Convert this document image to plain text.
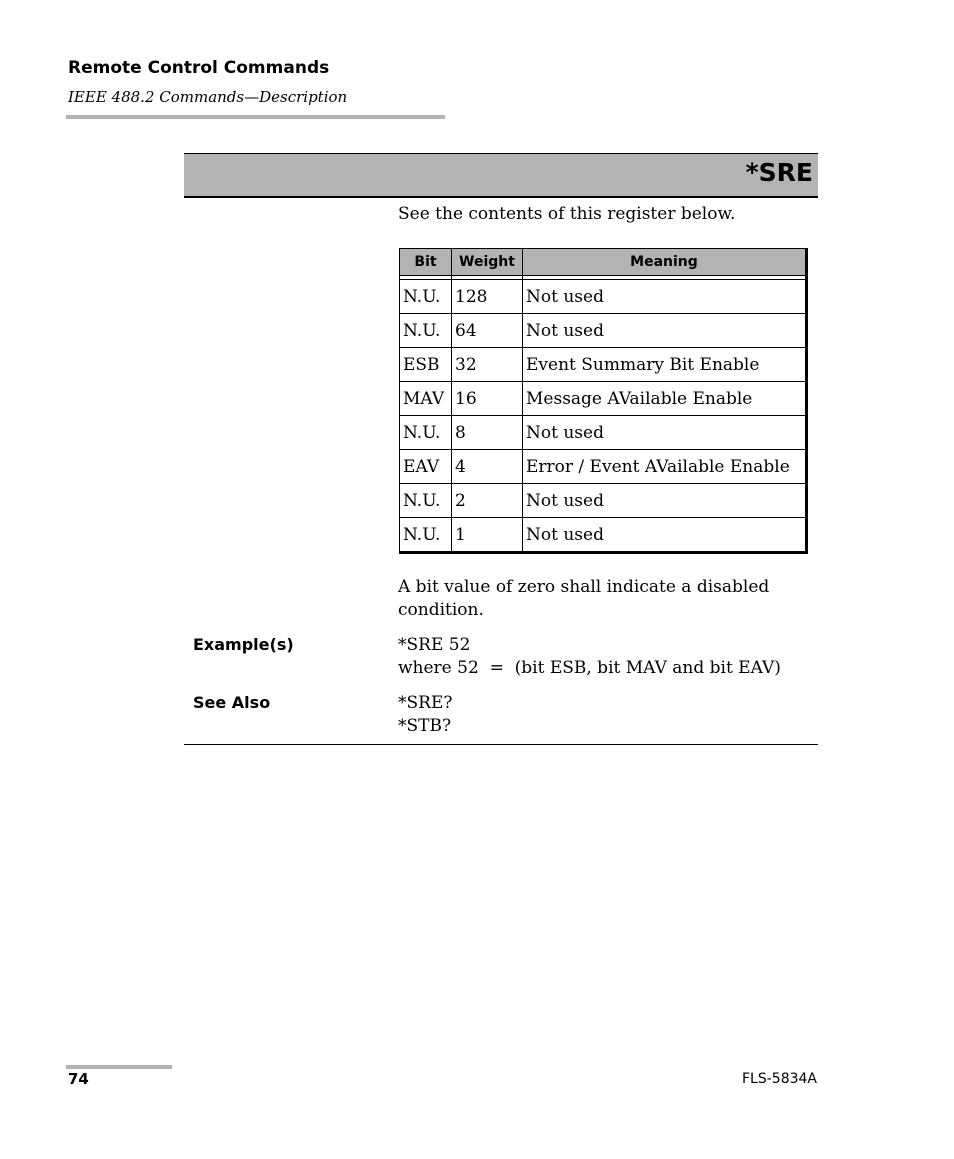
Remote Control Commands
IEEE 488.2 Commands—Description
*SRE
See the contents of this register below.
Bit	Weight	Meaning

N.U.	128	Not used
N.U.	64	Not used
ESB	32	Event Summary Bit Enable
MAV	16	Message AVailable Enable
N.U.	8	Not used
EAV	4	Error / Event AVailable Enable
N.U.	2	Not used
N.U.	1	Not used
A bit value of zero shall indicate a disabled condition.
Example(s)	*SRE 52
where 52  =  (bit ESB, bit MAV and bit EAV)
See Also	*SRE?
*STB?
74	FLS-5834A
